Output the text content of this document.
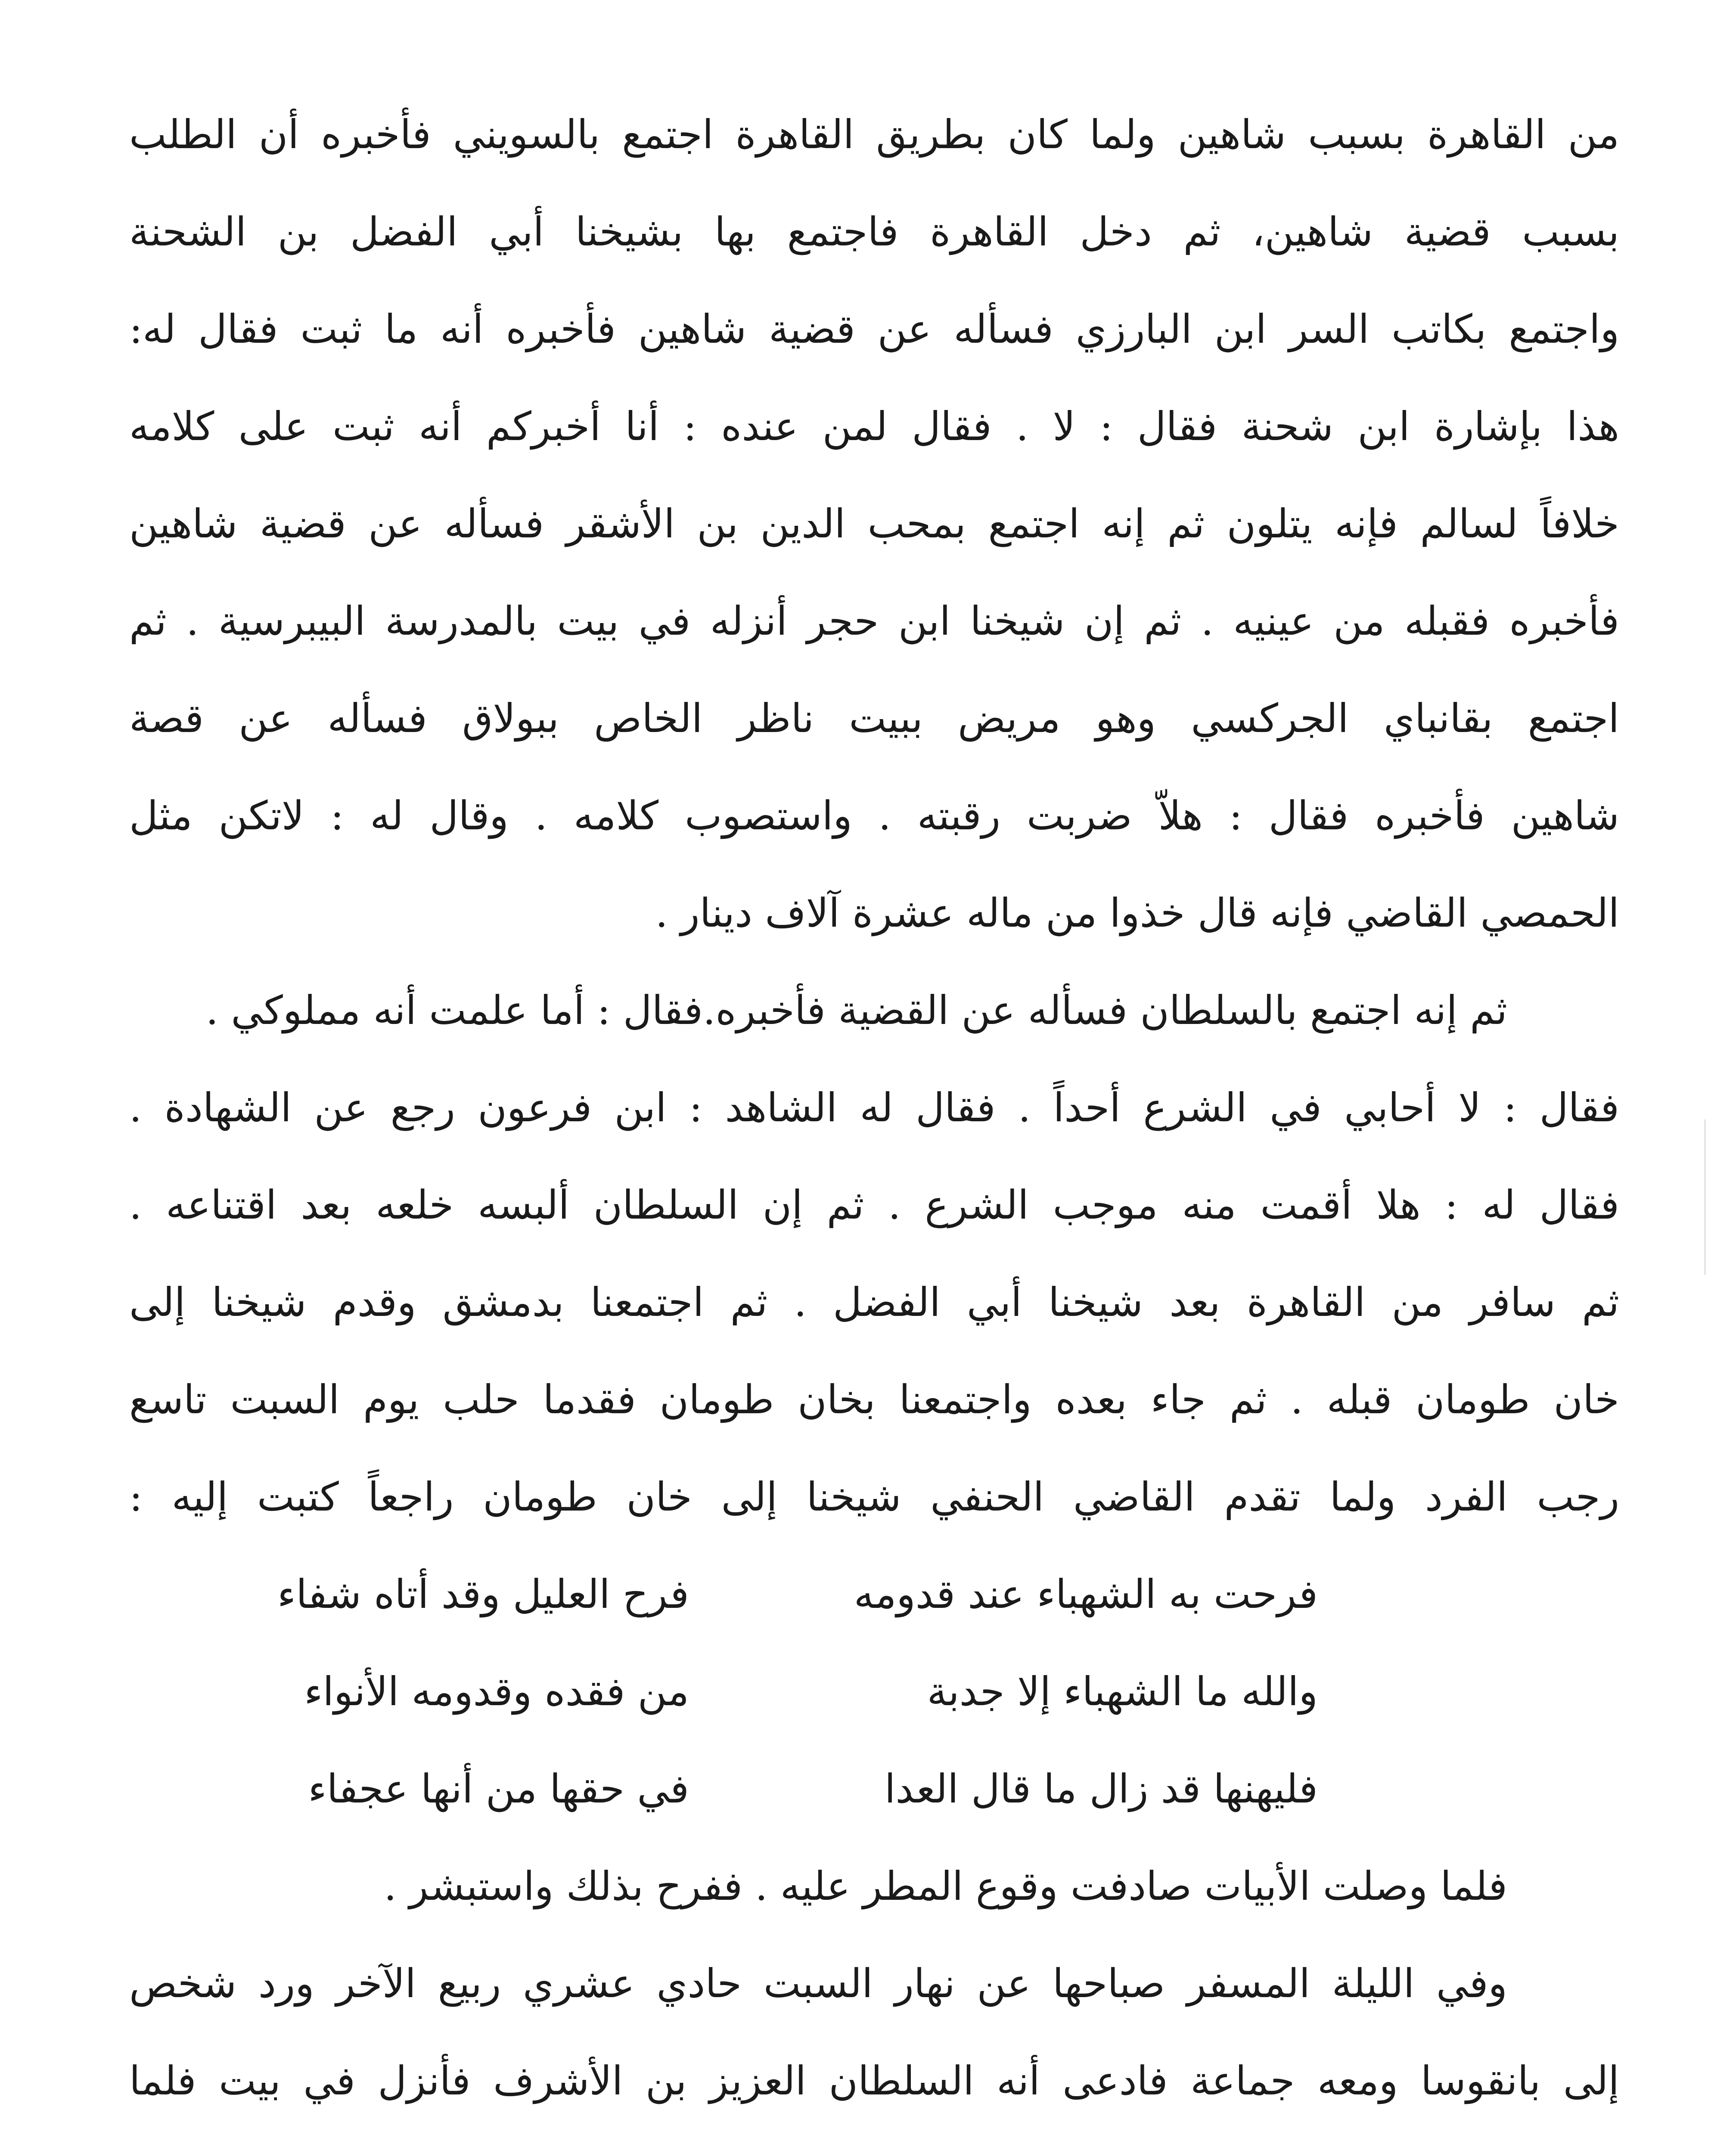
من القاهرة بسبب شاهين ولما كان بطريق القاهرة اجتمع بالسويني فأخبره أن الطلب
بسبب قضية شاهين، ثم دخل القاهرة فاجتمع بها بشيخنا أبي الفضل بن الشحنة
واجتمع بكاتب السر ابن البارزي فسأله عن قضية شاهين فأخبره أنه ما ثبت فقال له:
هذا بإشارة ابن شحنة فقال : لا . فقال لمن عنده : أنا أخبركم أنه ثبت على كلامه
خلافاً لسالم فإنه يتلون ثم إنه اجتمع بمحب الدين بن الأشقر فسأله عن قضية شاهين
فأخبره فقبله من عينيه . ثم إن شيخنا ابن حجر أنزله في بيت بالمدرسة البيبرسية . ثم
اجتمع بقانباي الجركسي وهو مريض ببيت ناظر الخاص ببولاق فسأله عن قصة
شاهين فأخبره فقال : هلاّ ضربت رقبته . واستصوب كلامه . وقال له : لاتكن مثل
الحمصي القاضي فإنه قال خذوا من ماله عشرة آلاف دينار .
ثم إنه اجتمع بالسلطان فسأله عن القضية فأخبره.فقال : أما علمت أنه مملوكي .
فقال : لا أحابي في الشرع أحداً . فقال له الشاهد : ابن فرعون رجع عن الشهادة .
فقال له : هلا أقمت منه موجب الشرع . ثم إن السلطان ألبسه خلعه بعد اقتناعه .
ثم سافر من القاهرة بعد شيخنا أبي الفضل . ثم اجتمعنا بدمشق وقدم شيخنا إلى
خان طومان قبله . ثم جاء بعده واجتمعنا بخان طومان فقدما حلب يوم السبت تاسع
رجب الفرد ولما تقدم القاضي الحنفي شيخنا إلى خان طومان راجعاً كتبت إليه :
فرحت به الشهباء عند قدومه
فرح العليل وقد أتاه شفاء
والله ما الشهباء إلا جدبة
من فقده وقدومه الأنواء
فليهنها قد زال ما قال العدا
في حقها من أنها عجفاء
فلما وصلت الأبيات صادفت وقوع المطر عليه . ففرح بذلك واستبشر .
وفي الليلة المسفر صباحها عن نهار السبت حادي عشري ربيع الآخر ورد شخص
إلى بانقوسا ومعه جماعة فادعى أنه السلطان العزيز بن الأشرف فأنزل في بيت فلما
